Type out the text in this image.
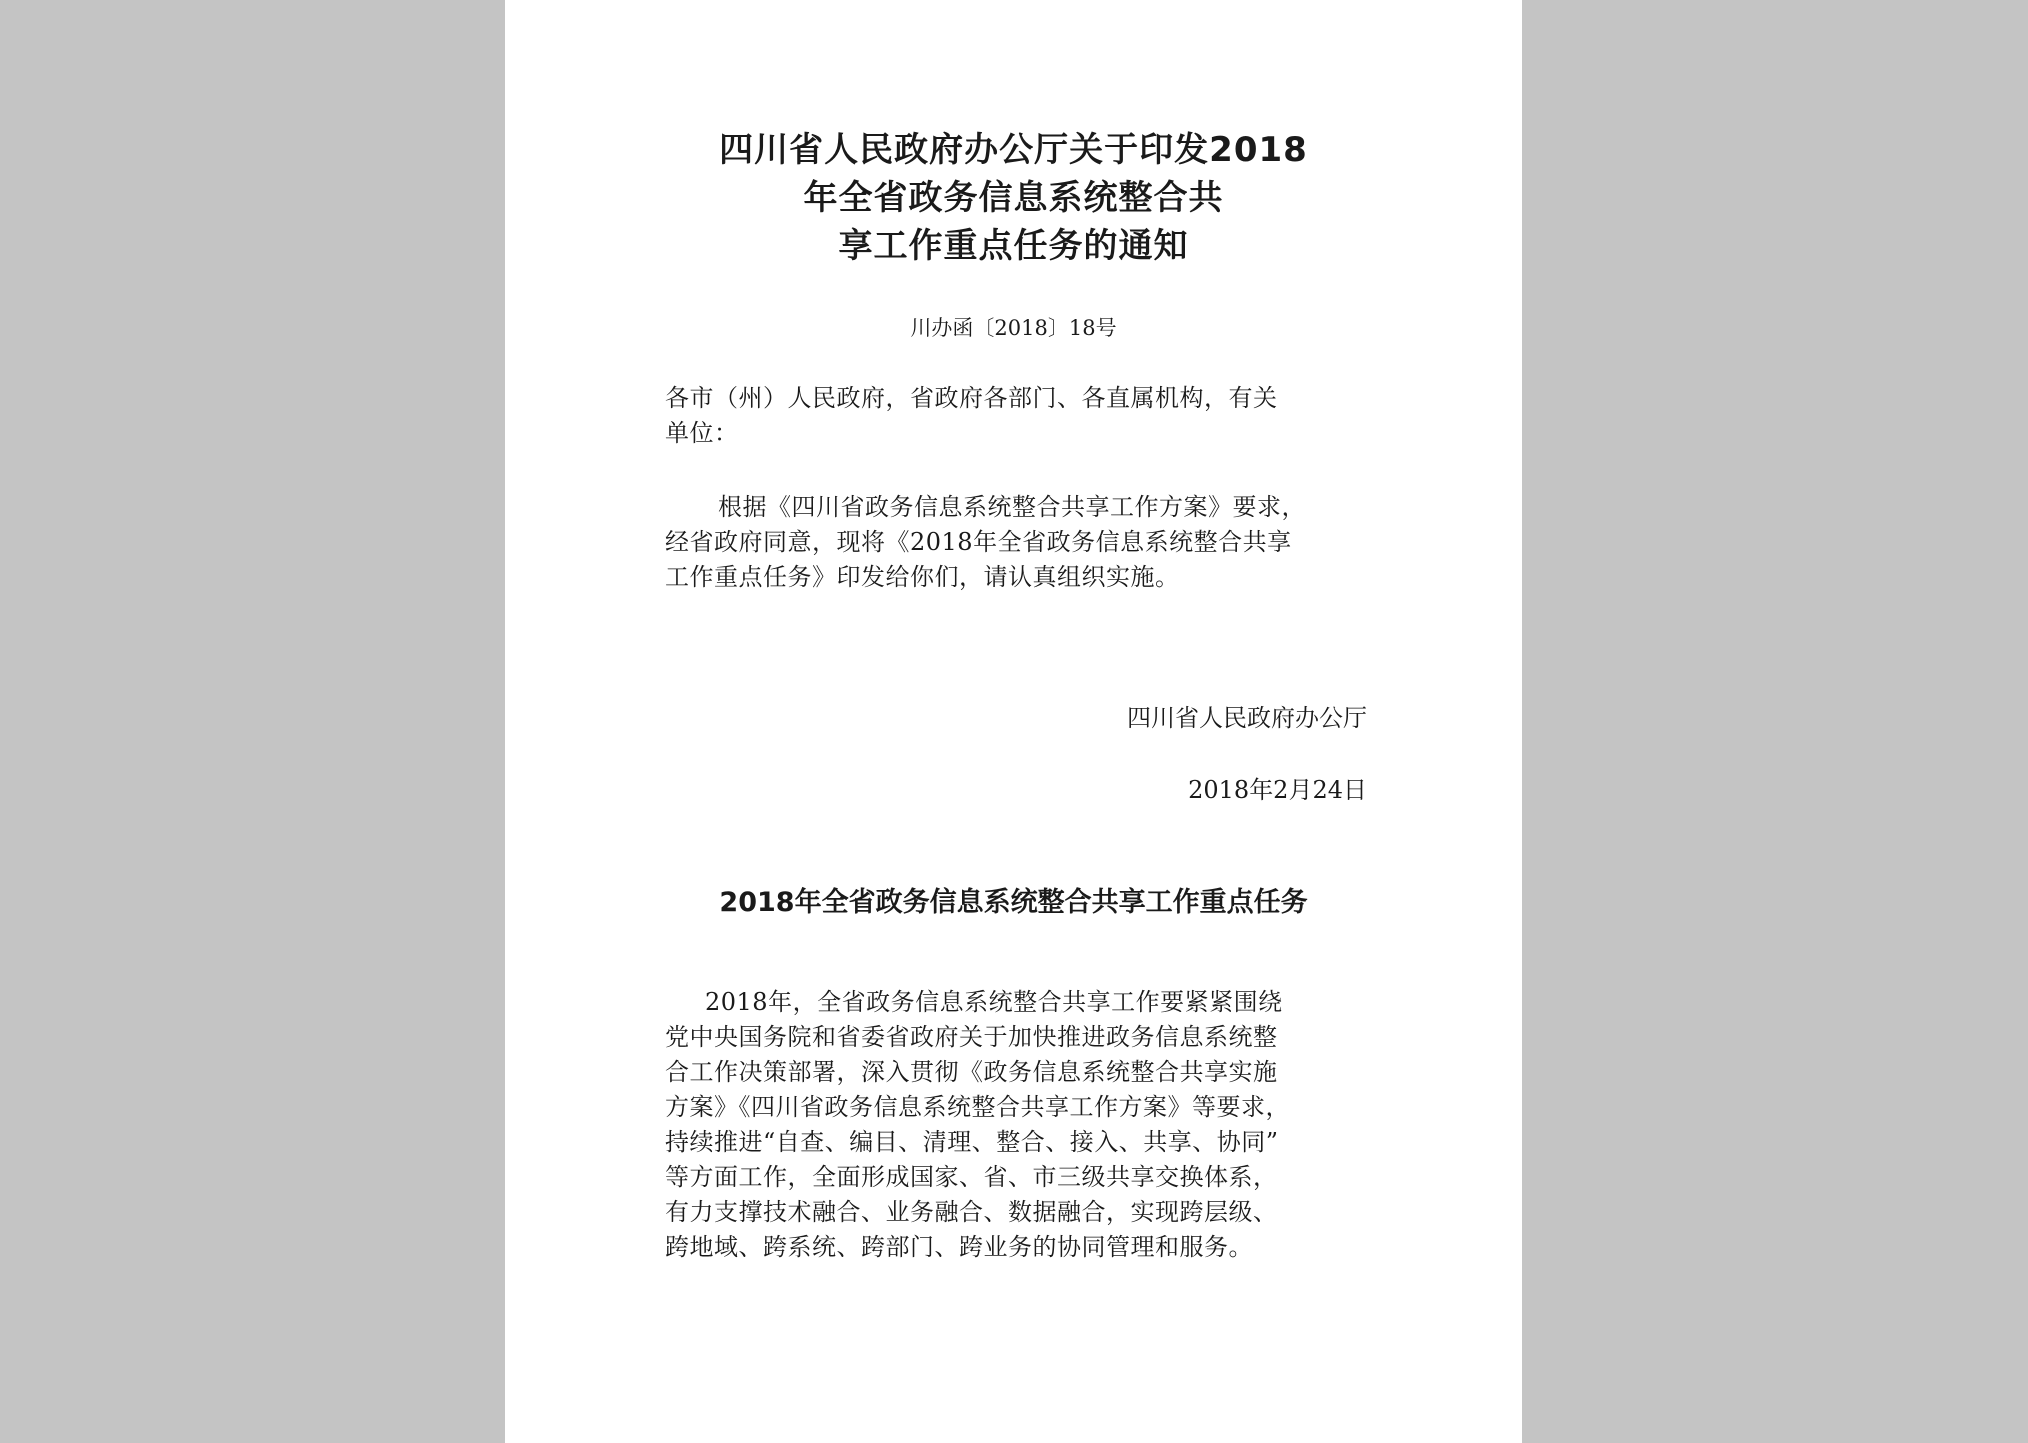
四川省人民政府办公厅关于印发2018
年全省政务信息系统整合共
享工作重点任务的通知
川办函〔2018〕18号
各市（州）人民政府，省政府各部门、各直属机构，有关
单位：
根据《四川省政务信息系统整合共享工作方案》要求，
经省政府同意，现将《2018年全省政务信息系统整合共享
工作重点任务》印发给你们，请认真组织实施。
四川省人民政府办公厅
2018年2月24日
2018年全省政务信息系统整合共享工作重点任务
2018年，全省政务信息系统整合共享工作要紧紧围绕
党中央国务院和省委省政府关于加快推进政务信息系统整
合工作决策部署，深入贯彻《政务信息系统整合共享实施
方案》《四川省政务信息系统整合共享工作方案》等要求，
持续推进“自查、编目、清理、整合、接入、共享、协同”
等方面工作，全面形成国家、省、市三级共享交换体系，
有力支撑技术融合、业务融合、数据融合，实现跨层级、
跨地域、跨系统、跨部门、跨业务的协同管理和服务。
